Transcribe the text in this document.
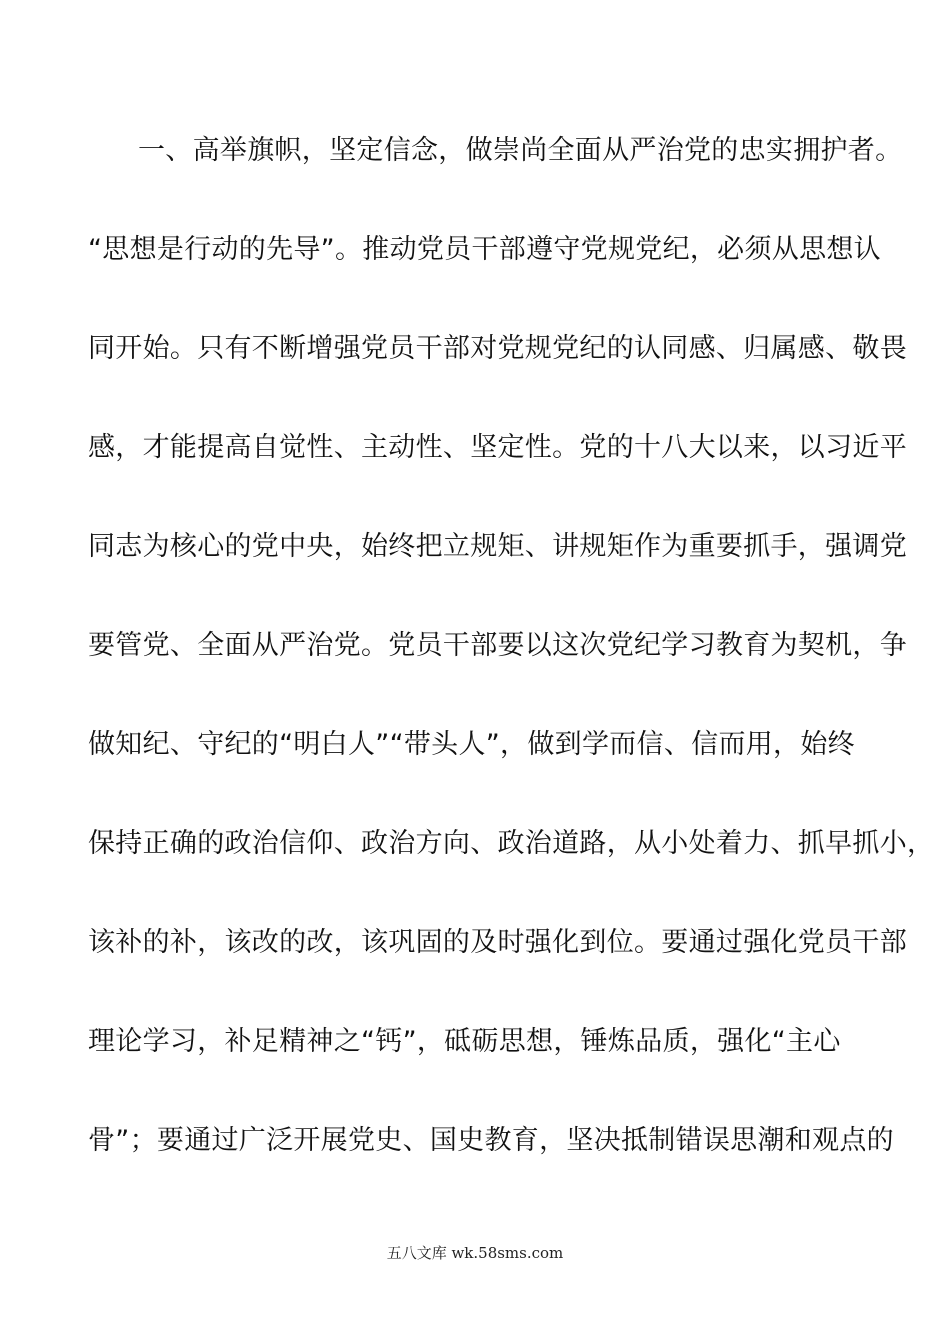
一、高举旗帜，坚定信念，做崇尚全面从严治党的忠实拥护者。
“思想是行动的先导”。推动党员干部遵守党规党纪，必须从思想认
同开始。只有不断增强党员干部对党规党纪的认同感、归属感、敬畏
感，才能提高自觉性、主动性、坚定性。党的十八大以来，以习近平
同志为核心的党中央，始终把立规矩、讲规矩作为重要抓手，强调党
要管党、全面从严治党。党员干部要以这次党纪学习教育为契机，争
做知纪、守纪的“明白人”“带头人”，做到学而信、信而用，始终
保持正确的政治信仰、政治方向、政治道路，从小处着力、抓早抓小，
该补的补，该改的改，该巩固的及时强化到位。要通过强化党员干部
理论学习，补足精神之“钙”，砥砺思想，锤炼品质，强化“主心
骨”；要通过广泛开展党史、国史教育，坚决抵制错误思潮和观点的
五八文库 wk.58sms.com
